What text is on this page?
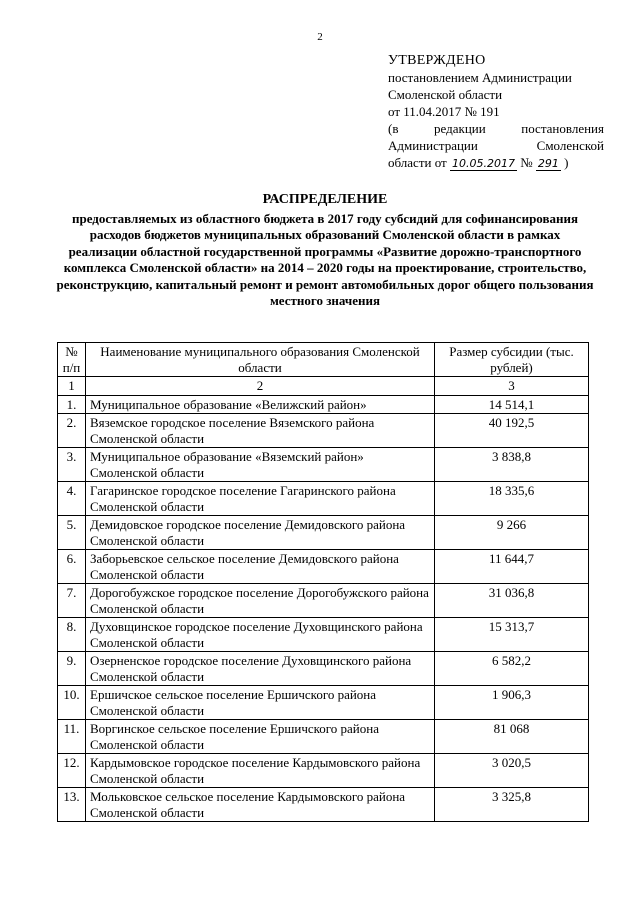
2
УТВЕРЖДЕНО
постановлением Администрации
Смоленской области
от 11.04.2017 № 191
(в редакции постановления
Администрации Смоленской
области от 10.05.2017 № 291 )
РАСПРЕДЕЛЕНИЕ
предоставляемых из областного бюджета в 2017 году субсидий для софинансирования расходов бюджетов муниципальных образований Смоленской области в рамках реализации областной государственной программы «Развитие дорожно-транспортного комплекса Смоленской области» на 2014 – 2020 годы на проектирование, строительство, реконструкцию, капитальный ремонт и ремонт автомобильных дорог общего пользования местного значения
№ п/п	Наименование муниципального образования Смоленской области	Размер субсидии (тыс. рублей)
1	2	3
1.	Муниципальное образование «Велижский район»	14 514,1
2.	Вяземское городское поселение Вяземского района Смоленской области	40 192,5
3.	Муниципальное образование «Вяземский район» Смоленской области	3 838,8
4.	Гагаринское городское поселение Гагаринского района Смоленской области	18 335,6
5.	Демидовское городское поселение Демидовского района Смоленской области	9 266
6.	Заборьевское сельское поселение Демидовского района Смоленской области	11 644,7
7.	Дорогобужское городское поселение Дорогобужского района Смоленской области	31 036,8
8.	Духовщинское городское поселение Духовщинского района Смоленской области	15 313,7
9.	Озерненское городское поселение Духовщинского района Смоленской области	6 582,2
10.	Ершичское сельское поселение Ершичского района Смоленской области	1 906,3
11.	Воргинское сельское поселение Ершичского района Смоленской области	81 068
12.	Кардымовское городское поселение Кардымовского района Смоленской области	3 020,5
13.	Мольковское сельское поселение Кардымовского района Смоленской области	3 325,8
